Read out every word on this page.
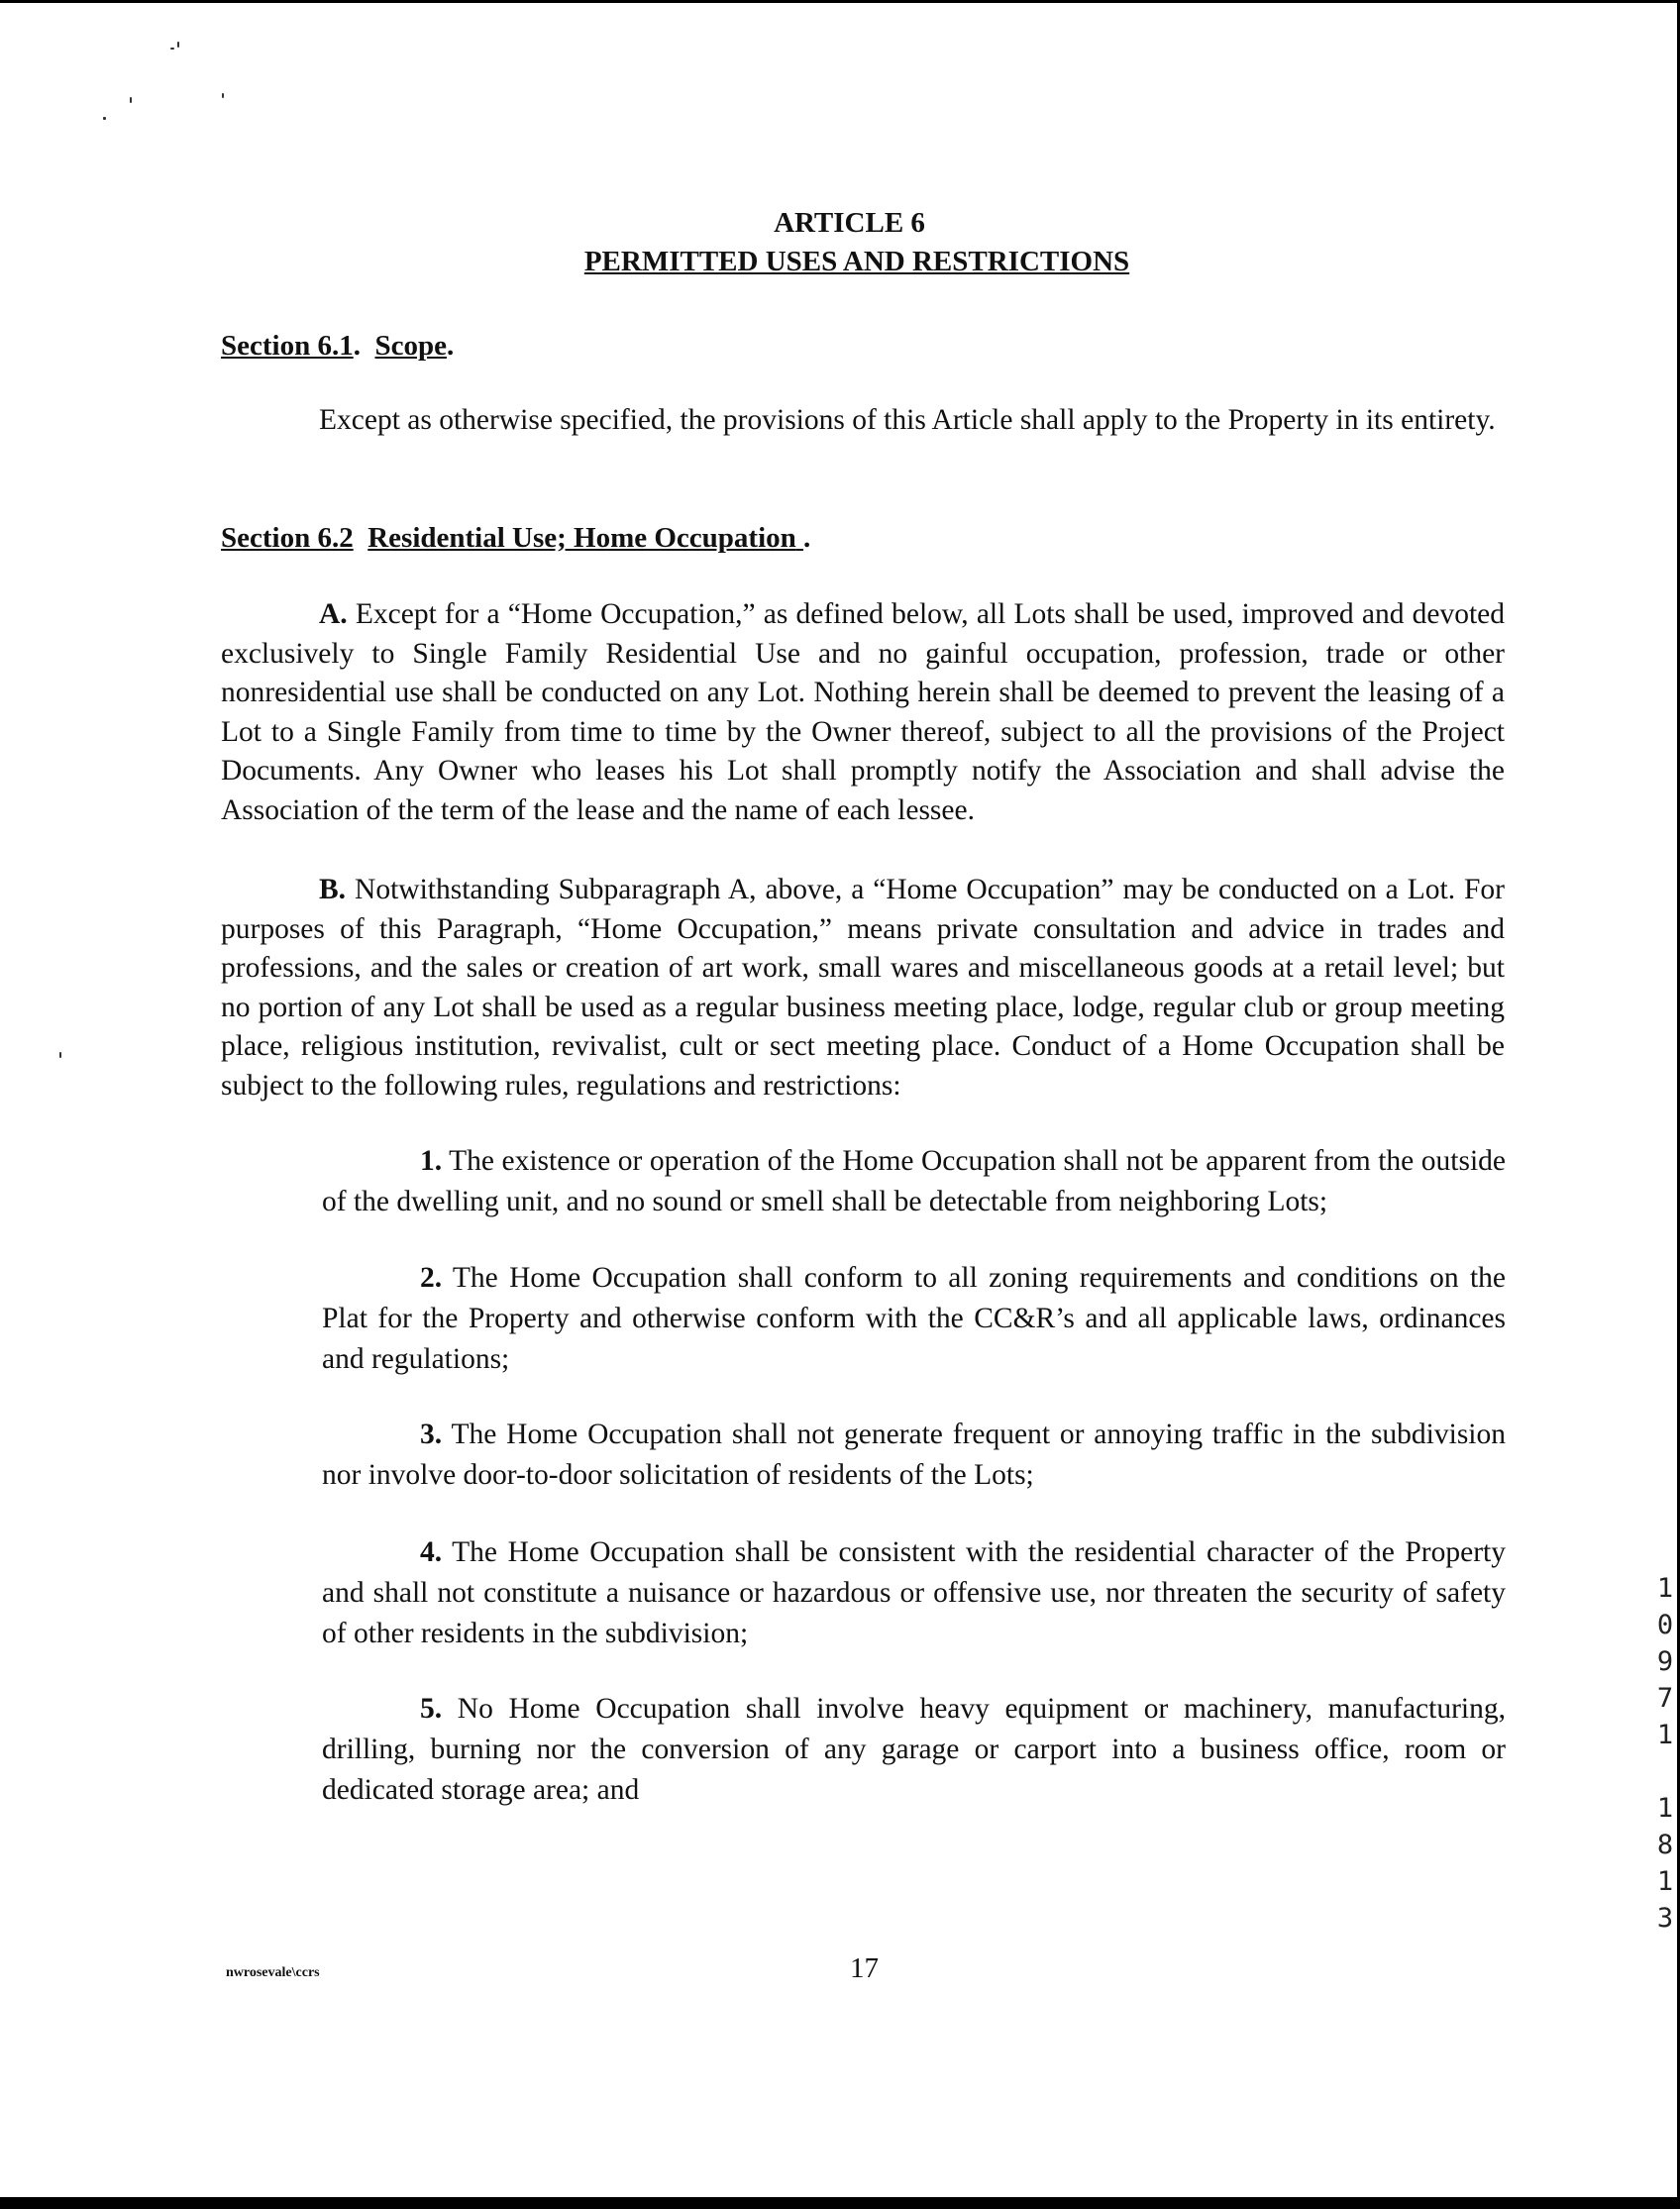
ARTICLE 6
PERMITTED USES AND RESTRICTIONS
Section 6.1.  Scope.
Except as otherwise specified, the provisions of this Article shall apply to the Property in its entirety.
Section 6.2 Residential Use; Home Occupation .
A. Except for a “Home Occupation,” as defined below, all Lots shall be used, improved and devoted exclusively to Single Family Residential Use and no gainful occupation, profession, trade or other nonresidential use shall be conducted on any Lot. Nothing herein shall be deemed to prevent the leasing of a Lot to a Single Family from time to time by the Owner thereof, subject to all the provisions of the Project Documents. Any Owner who leases his Lot shall promptly notify the Association and shall advise the Association of the term of the lease and the name of each lessee.
B. Notwithstanding Subparagraph A, above, a “Home Occupation” may be conducted on a Lot. For purposes of this Paragraph, “Home Occupation,” means private consultation and advice in trades and professions, and the sales or creation of art work, small wares and miscellaneous goods at a retail level; but no portion of any Lot shall be used as a regular business meeting place, lodge, regular club or group meeting place, religious institution, revivalist, cult or sect meeting place. Conduct of a Home Occupation shall be subject to the following rules, regulations and restrictions:
1. The existence or operation of the Home Occupation shall not be apparent from the outside of the dwelling unit, and no sound or smell shall be detectable from neighboring Lots;
2. The Home Occupation shall conform to all zoning requirements and conditions on the Plat for the Property and otherwise conform with the CC&R’s and all applicable laws, ordinances and regulations;
3. The Home Occupation shall not generate frequent or annoying traffic in the subdivision nor involve door-to-door solicitation of residents of the Lots;
4. The Home Occupation shall be consistent with the residential character of the Property and shall not constitute a nuisance or hazardous or offensive use, nor threaten the security of safety of other residents in the subdivision;
5. No Home Occupation shall involve heavy equipment or machinery, manufacturing, drilling, burning nor the conversion of any garage or carport into a business office, room or dedicated storage area; and
nwrosevale\ccrs	17
1
0
9
7
1

1
8
1
3
